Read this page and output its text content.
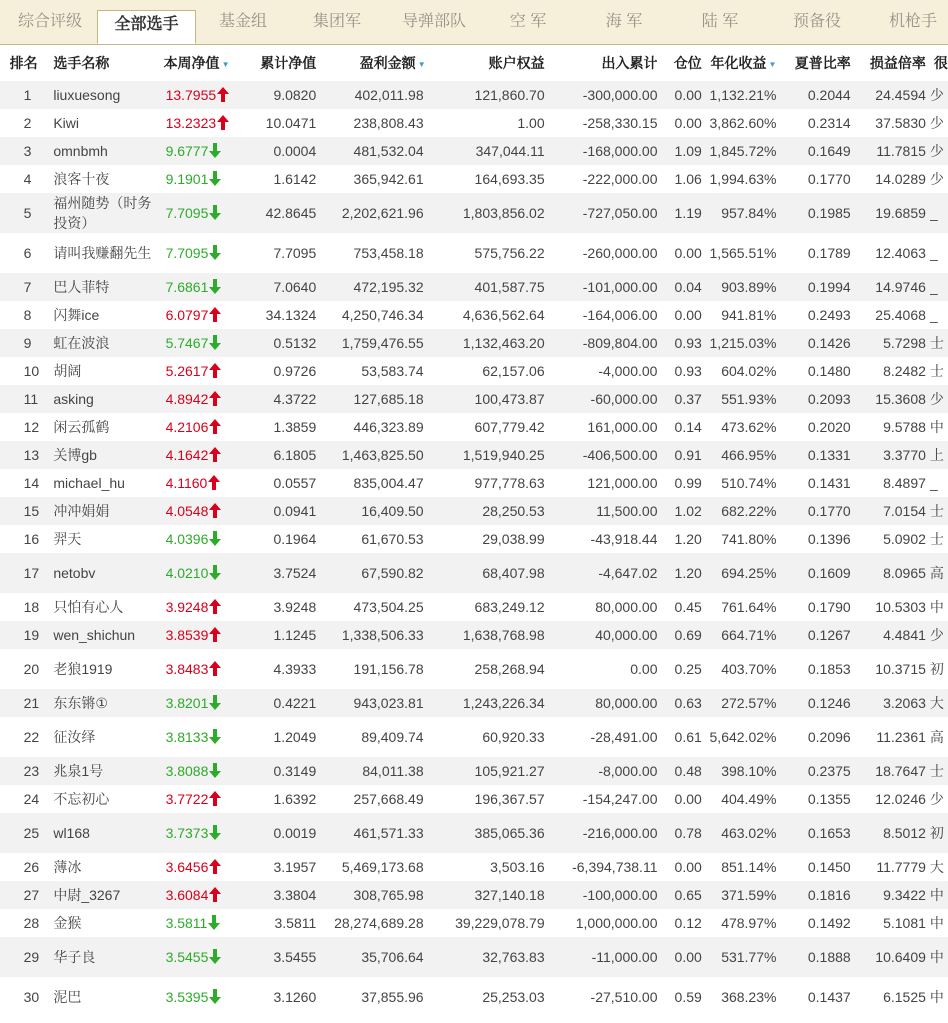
综合评级	全部选手	基金组	集团军	导弹部队	空 军	海 军	陆 军	预备役	机枪手
	排名	选手名称	本周净值 ▼	累计净值	盈利金额 ▼	账户权益	出入累计	仓位	年化收益 ▼	夏普比率	损益倍率	很
	1	liuxuesong	13.7955	9.0820	402,011.98	121,860.70	-300,000.00	0.00	1,132.21%	0.2044	24.4594	少
	2	Kiwi	13.2323	10.0471	238,808.43	1.00	-258,330.15	0.00	3,862.60%	0.2314	37.5830	少
	3	omnbmh	9.6777	0.0004	481,532.04	347,044.11	-168,000.00	1.09	1,845.72%	0.1649	11.7815	少
	4	浪客十夜	9.1901	1.6142	365,942.61	164,693.35	-222,000.00	1.06	1,994.63%	0.1770	14.0289	少
	5	福州随势（时务投资）	7.7095	42.8645	2,202,621.96	1,803,856.02	-727,050.00	1.19	957.84%	0.1985	19.6859	_
	6	请叫我赚翻先生	7.7095	7.7095	753,458.18	575,756.22	-260,000.00	0.00	1,565.51%	0.1789	12.4063	_
	7	巴人菲特	7.6861	7.0640	472,195.32	401,587.75	-101,000.00	0.04	903.89%	0.1994	14.9746	_
	8	闪舞ice	6.0797	34.1324	4,250,746.34	4,636,562.64	-164,006.00	0.00	941.81%	0.2493	25.4068	_
	9	虹在波浪	5.7467	0.5132	1,759,476.55	1,132,463.20	-809,804.00	0.93	1,215.03%	0.1426	5.7298	士
	10	胡阔	5.2617	0.9726	53,583.74	62,157.06	-4,000.00	0.93	604.02%	0.1480	8.2482	士
	11	asking	4.8942	4.3722	127,685.18	100,473.87	-60,000.00	0.37	551.93%	0.2093	15.3608	少
	12	闲云孤鹤	4.2106	1.3859	446,323.89	607,779.42	161,000.00	0.14	473.62%	0.2020	9.5788	中
	13	关博gb	4.1642	6.1805	1,463,825.50	1,519,940.25	-406,500.00	0.91	466.95%	0.1331	3.3770	上
	14	michael_hu	4.1160	0.0557	835,004.47	977,778.63	121,000.00	0.99	510.74%	0.1431	8.4897	_
	15	冲冲娟娟	4.0548	0.0941	16,409.50	28,250.53	11,500.00	1.02	682.22%	0.1770	7.0154	士
	16	羿天	4.0396	0.1964	61,670.53	29,038.99	-43,918.44	1.20	741.80%	0.1396	5.0902	士
	17	netobv	4.0210	3.7524	67,590.82	68,407.98	-4,647.02	1.20	694.25%	0.1609	8.0965	高
	18	只怕有心人	3.9248	3.9248	473,504.25	683,249.12	80,000.00	0.45	761.64%	0.1790	10.5303	中
	19	wen_shichun	3.8539	1.1245	1,338,506.33	1,638,768.98	40,000.00	0.69	664.71%	0.1267	4.4841	少
	20	老狼1919	3.8483	4.3933	191,156.78	258,268.94	0.00	0.25	403.70%	0.1853	10.3715	初
	21	东东锵①	3.8201	0.4221	943,023.81	1,243,226.34	80,000.00	0.63	272.57%	0.1246	3.2063	大
	22	征汝绎	3.8133	1.2049	89,409.74	60,920.33	-28,491.00	0.61	5,642.02%	0.2096	11.2361	高
	23	兆泉1号	3.8088	0.3149	84,011.38	105,921.27	-8,000.00	0.48	398.10%	0.2375	18.7647	士
	24	不忘初心	3.7722	1.6392	257,668.49	196,367.57	-154,247.00	0.00	404.49%	0.1355	12.0246	少
	25	wl168	3.7373	0.0019	461,571.33	385,065.36	-216,000.00	0.78	463.02%	0.1653	8.5012	初
	26	薄冰	3.6456	3.1957	5,469,173.68	3,503.16	-6,394,738.11	0.00	851.14%	0.1450	11.7779	大
	27	中尉_3267	3.6084	3.3804	308,765.98	327,140.18	-100,000.00	0.65	371.59%	0.1816	9.3422	中
	28	金猴	3.5811	3.5811	28,274,689.28	39,229,078.79	1,000,000.00	0.12	478.97%	0.1492	5.1081	中
	29	华子良	3.5455	3.5455	35,706.64	32,763.83	-11,000.00	0.00	531.77%	0.1888	10.6409	中
	30	泥巴	3.5395	3.1260	37,855.96	25,253.03	-27,510.00	0.59	368.23%	0.1437	6.1525	中
